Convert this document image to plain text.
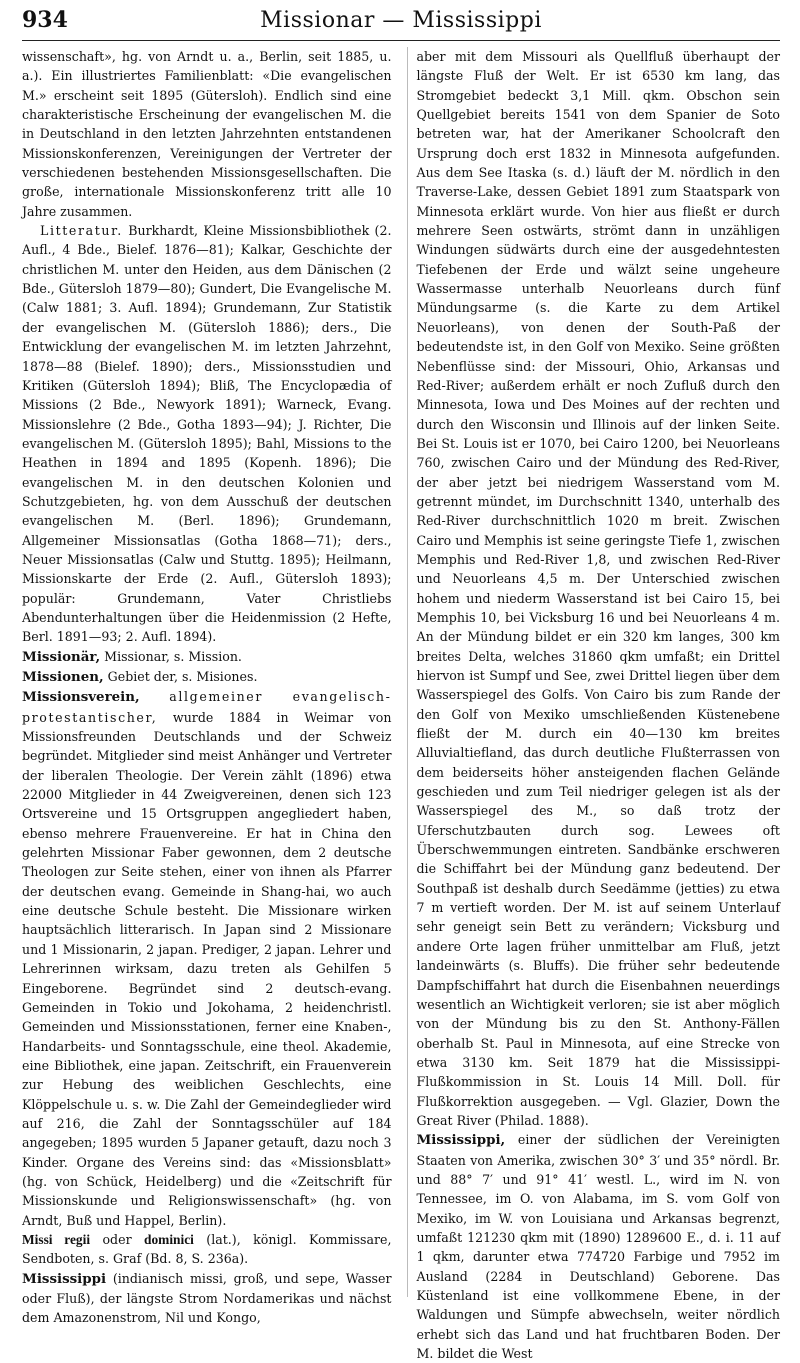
934	Missionar — Mississippi

wissenschaft», hg. von Arndt u. a., Berlin, seit 1885, u. a.). Ein illustriertes Familienblatt: «Die evangelischen M.» erscheint seit 1895 (Gütersloh). Endlich sind eine charakteristische Erscheinung der evangelischen M. die in Deutschland in den letzten Jahrzehnten entstandenen Missionskonferenzen, Vereinigungen der Vertreter der verschiedenen bestehenden Missionsgesellschaften. Die große, internationale Missionskonferenz tritt alle 10 Jahre zusammen.

Litteratur. Burkhardt, Kleine Missionsbibliothek (2. Aufl., 4 Bde., Bielef. 1876—81); Kalkar, Geschichte der christlichen M. unter den Heiden, aus dem Dänischen (2 Bde., Gütersloh 1879—80); Gundert, Die Evangelische M. (Calw 1881; 3. Aufl. 1894); Grundemann, Zur Statistik der evangelischen M. (Gütersloh 1886); ders., Die Entwicklung der evangelischen M. im letzten Jahrzehnt, 1878—88 (Bielef. 1890); ders., Missionsstudien und Kritiken (Gütersloh 1894); Bliß, The Encyclopædia of Missions (2 Bde., Newyork 1891); Warneck, Evang. Missionslehre (2 Bde., Gotha 1893—94); J. Richter, Die evangelischen M. (Gütersloh 1895); Bahl, Missions to the Heathen in 1894 and 1895 (Kopenh. 1896); Die evangelischen M. in den deutschen Kolonien und Schutzgebieten, hg. von dem Ausschuß der deutschen evangelischen M. (Berl. 1896); Grundemann, Allgemeiner Missionsatlas (Gotha 1868—71); ders., Neuer Missionsatlas (Calw und Stuttg. 1895); Heilmann, Missionskarte der Erde (2. Aufl., Gütersloh 1893); populär: Grundemann, Vater Christliebs Abendunterhaltungen über die Heidenmission (2 Hefte, Berl. 1891—93; 2. Aufl. 1894).

Missionär, Missionar, s. Mission.

Missionen, Gebiet der, s. Misiones.

Missionsverein, allgemeiner evangelisch-protestantischer, wurde 1884 in Weimar von Missionsfreunden Deutschlands und der Schweiz begründet. Mitglieder sind meist Anhänger und Vertreter der liberalen Theologie. Der Verein zählt (1896) etwa 22000 Mitglieder in 44 Zweigvereinen, denen sich 123 Ortsvereine und 15 Ortsgruppen angegliedert haben, ebenso mehrere Frauenvereine. Er hat in China den gelehrten Missionar Faber gewonnen, dem 2 deutsche Theologen zur Seite stehen, einer von ihnen als Pfarrer der deutschen evang. Gemeinde in Shang-hai, wo auch eine deutsche Schule besteht. Die Missionare wirken hauptsächlich litterarisch. In Japan sind 2 Missionare und 1 Missionarin, 2 japan. Prediger, 2 japan. Lehrer und Lehrerinnen wirksam, dazu treten als Gehilfen 5 Eingeborene. Begründet sind 2 deutsch-evang. Gemeinden in Tokio und Jokohama, 2 heidenchristl. Gemeinden und Missionsstationen, ferner eine Knaben-, Handarbeits- und Sonntagsschule, eine theol. Akademie, eine Bibliothek, eine japan. Zeitschrift, ein Frauenverein zur Hebung des weiblichen Geschlechts, eine Klöppelschule u. s. w. Die Zahl der Gemeindeglieder wird auf 216, die Zahl der Sonntagsschüler auf 184 angegeben; 1895 wurden 5 Japaner getauft, dazu noch 3 Kinder. Organe des Vereins sind: das «Missionsblatt» (hg. von Schück, Heidelberg) und die «Zeitschrift für Missionskunde und Religionswissenschaft» (hg. von Arndt, Buß und Happel, Berlin).

Missi regii oder dominici (lat.), königl. Kommissare, Sendboten, s. Graf (Bd. 8, S. 236a).

Mississippi (indianisch missi, groß, und sepe, Wasser oder Fluß), der längste Strom Nordamerikas und nächst dem Amazonenstrom, Nil und Kongo,

aber mit dem Missouri als Quellfluß überhaupt der längste Fluß der Welt. Er ist 6530 km lang, das Stromgebiet bedeckt 3,1 Mill. qkm. Obschon sein Quellgebiet bereits 1541 von dem Spanier de Soto betreten war, hat der Amerikaner Schoolcraft den Ursprung doch erst 1832 in Minnesota aufgefunden. Aus dem See Itaska (s. d.) läuft der M. nördlich in den Traverse-Lake, dessen Gebiet 1891 zum Staatspark von Minnesota erklärt wurde. Von hier aus fließt er durch mehrere Seen ostwärts, strömt dann in unzähligen Windungen südwärts durch eine der ausgedehntesten Tiefebenen der Erde und wälzt seine ungeheure Wassermasse unterhalb Neuorleans durch fünf Mündungsarme (s. die Karte zu dem Artikel Neuorleans), von denen der South-Paß der bedeutendste ist, in den Golf von Mexiko. Seine größten Nebenflüsse sind: der Missouri, Ohio, Arkansas und Red-River; außerdem erhält er noch Zufluß durch den Minnesota, Iowa und Des Moines auf der rechten und durch den Wisconsin und Illinois auf der linken Seite. Bei St. Louis ist er 1070, bei Cairo 1200, bei Neuorleans 760, zwischen Cairo und der Mündung des Red-River, der aber jetzt bei niedrigem Wasserstand vom M. getrennt mündet, im Durchschnitt 1340, unterhalb des Red-River durchschnittlich 1020 m breit. Zwischen Cairo und Memphis ist seine geringste Tiefe 1, zwischen Memphis und Red-River 1,8, und zwischen Red-River und Neuorleans 4,5 m. Der Unterschied zwischen hohem und niederm Wasserstand ist bei Cairo 15, bei Memphis 10, bei Vicksburg 16 und bei Neuorleans 4 m. An der Mündung bildet er ein 320 km langes, 300 km breites Delta, welches 31860 qkm umfaßt; ein Drittel hiervon ist Sumpf und See, zwei Drittel liegen über dem Wasserspiegel des Golfs. Von Cairo bis zum Rande der den Golf von Mexiko umschließenden Küstenebene fließt der M. durch ein 40—130 km breites Alluvialtiefland, das durch deutliche Flußterrassen von dem beiderseits höher ansteigenden flachen Gelände geschieden und zum Teil niedriger gelegen ist als der Wasserspiegel des M., so daß trotz der Uferschutzbauten durch sog. Lewees oft Überschwemmungen eintreten. Sandbänke erschweren die Schiffahrt bei der Mündung ganz bedeutend. Der Southpaß ist deshalb durch Seedämme (jetties) zu etwa 7 m vertieft worden. Der M. ist auf seinem Unterlauf sehr geneigt sein Bett zu verändern; Vicksburg und andere Orte lagen früher unmittelbar am Fluß, jetzt landeinwärts (s. Bluffs). Die früher sehr bedeutende Dampfschiffahrt hat durch die Eisenbahnen neuerdings wesentlich an Wichtigkeit verloren; sie ist aber möglich von der Mündung bis zu den St. Anthony-Fällen oberhalb St. Paul in Minnesota, auf eine Strecke von etwa 3130 km. Seit 1879 hat die Mississippi-Flußkommission in St. Louis 14 Mill. Doll. für Flußkorrektion ausgegeben. — Vgl. Glazier, Down the Great River (Philad. 1888).

Mississippi, einer der südlichen der Vereinigten Staaten von Amerika, zwischen 30° 3′ und 35° nördl. Br. und 88° 7′ und 91° 41′ westl. L., wird im N. von Tennessee, im O. von Alabama, im S. vom Golf von Mexiko, im W. von Louisiana und Arkansas begrenzt, umfaßt 121230 qkm mit (1890) 1289600 E., d. i. 11 auf 1 qkm, darunter etwa 774720 Farbige und 7952 im Ausland (2284 in Deutschland) Geborene. Das Küstenland ist eine vollkommene Ebene, in der Waldungen und Sümpfe abwechseln, weiter nördlich erhebt sich das Land und hat fruchtbaren Boden. Der M. bildet die West
